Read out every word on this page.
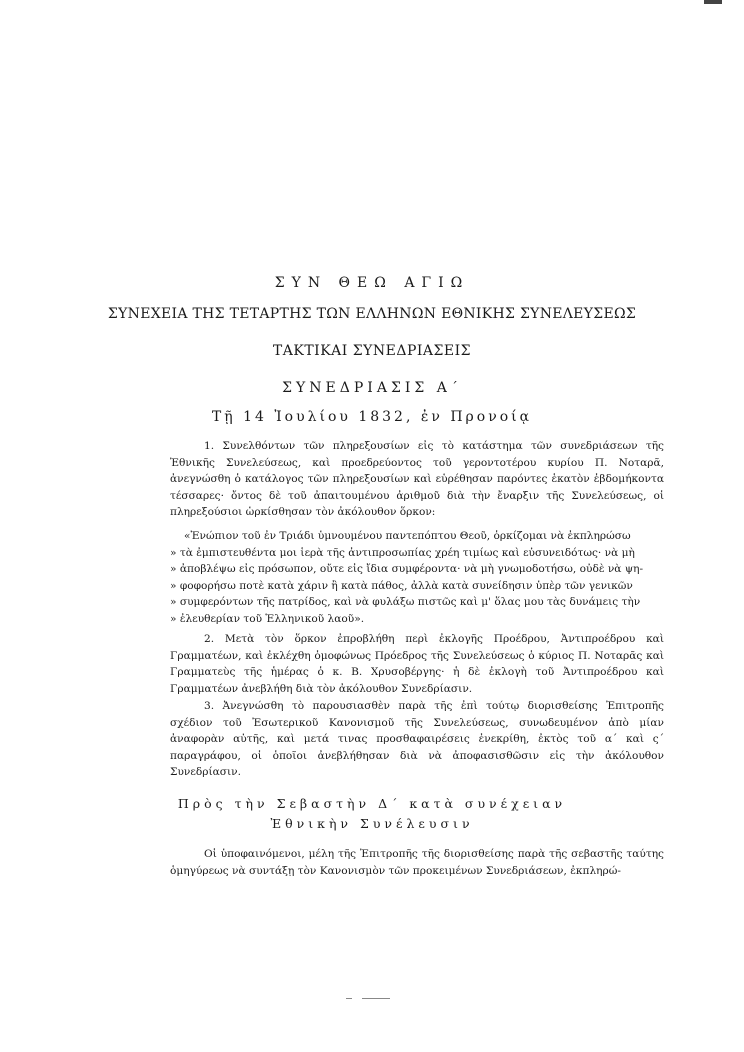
ΣΥΝ ΘΕΩ ΑΓΙΩ
ΣΥΝΕΧΕΙΑ ΤΗΣ ΤΕΤΑΡΤΗΣ ΤΩΝ ΕΛΛΗΝΩΝ ΕΘΝΙΚΗΣ ΣΥΝΕΛΕΥΣΕΩΣ
ΤΑΚΤΙΚΑΙ ΣΥΝΕΔΡΙΑΣΕΙΣ
ΣΥΝΕΔΡΙΑΣΙΣ Α΄
Τῇ 14 Ἰουλίου 1832, ἐν Προνοίᾳ

1. Συνελθόντων τῶν πληρεξουσίων εἰς τὸ κατάστημα τῶν συνεδριάσεων τῆς Ἐθνικῆς Συνελεύσεως, καὶ προεδρεύοντος τοῦ γεροντοτέρου κυρίου Π. Νοταρᾶ, ἀνεγνώσθη ὁ κατάλογος τῶν πληρεξουσίων καὶ εὑρέθησαν παρόντες ἑκατὸν ἑβδομήκοντα τέσσαρες· ὄντος δὲ τοῦ ἀπαιτουμένου ἀριθμοῦ διὰ τὴν ἔναρξιν τῆς Συνελεύσεως, οἱ πληρεξούσιοι ὡρκίσθησαν τὸν ἀκόλουθον ὅρκον:

«Ἐνώπιον τοῦ ἐν Τριάδι ὑμνουμένου παντεπόπτου Θεοῦ, ὁρκίζομαι νὰ ἐκπληρώσω

» τὰ ἐμπιστευθέντα μοι ἱερὰ τῆς ἀντιπροσωπίας χρέη τιμίως καὶ εὐσυνειδότως· νὰ μὴ

» ἀποβλέψω εἰς πρόσωπον, οὔτε εἰς ἴδια συμφέροντα· νὰ μὴ γνωμοδοτήσω, οὐδὲ νὰ ψη-

» φοφορήσω ποτὲ κατὰ χάριν ἢ κατὰ πάθος, ἀλλὰ κατὰ συνείδησιν ὑπὲρ τῶν γενικῶν

» συμφερόντων τῆς πατρίδος, καὶ νὰ φυλάξω πιστῶς καὶ μ' ὅλας μου τὰς δυνάμεις τὴν

» ἐλευθερίαν τοῦ Ἑλληνικοῦ λαοῦ».

2. Μετὰ τὸν ὅρκον ἐπροβλήθη περὶ ἐκλογῆς Προέδρου, Ἀντιπροέδρου καὶ Γραμματέων, καὶ ἐκλέχθη ὁμοφώνως Πρόεδρος τῆς Συνελεύσεως ὁ κύριος Π. Νοταρᾶς καὶ Γραμματεὺς τῆς ἡμέρας ὁ κ. Β. Χρυσοβέργης· ἡ δὲ ἐκλογὴ τοῦ Ἀντιπροέδρου καὶ Γραμματέων ἀνεβλήθη διὰ τὸν ἀκόλουθον Συνεδρίασιν.

3. Ἀνεγνώσθη τὸ παρουσιασθὲν παρὰ τῆς ἐπὶ τούτῳ διορισθείσης Ἐπιτροπῆς σχέδιον τοῦ Ἐσωτερικοῦ Κανονισμοῦ τῆς Συνελεύσεως, συνωδευμένον ἀπὸ μίαν ἀναφορὰν αὐτῆς, καὶ μετά τινας προσθαφαιρέσεις ἐνεκρίθη, ἐκτὸς τοῦ α΄ καὶ ς΄ παραγράφου, οἱ ὁποῖοι ἀνεβλήθησαν διὰ νὰ ἀποφασισθῶσιν εἰς τὴν ἀκόλουθον Συνεδρίασιν.

Πρὸς τὴν Σεβαστὴν Δ΄ κατὰ συνέχειαν
Ἐθνικὴν Συνέλευσιν

Οἱ ὑποφαινόμενοι, μέλη τῆς Ἐπιτροπῆς τῆς διορισθείσης παρὰ τῆς σεβαστῆς ταύτης ὁμηγύρεως νὰ συντάξῃ τὸν Κανονισμὸν τῶν προκειμένων Συνεδριάσεων, ἐκπληρώ-
